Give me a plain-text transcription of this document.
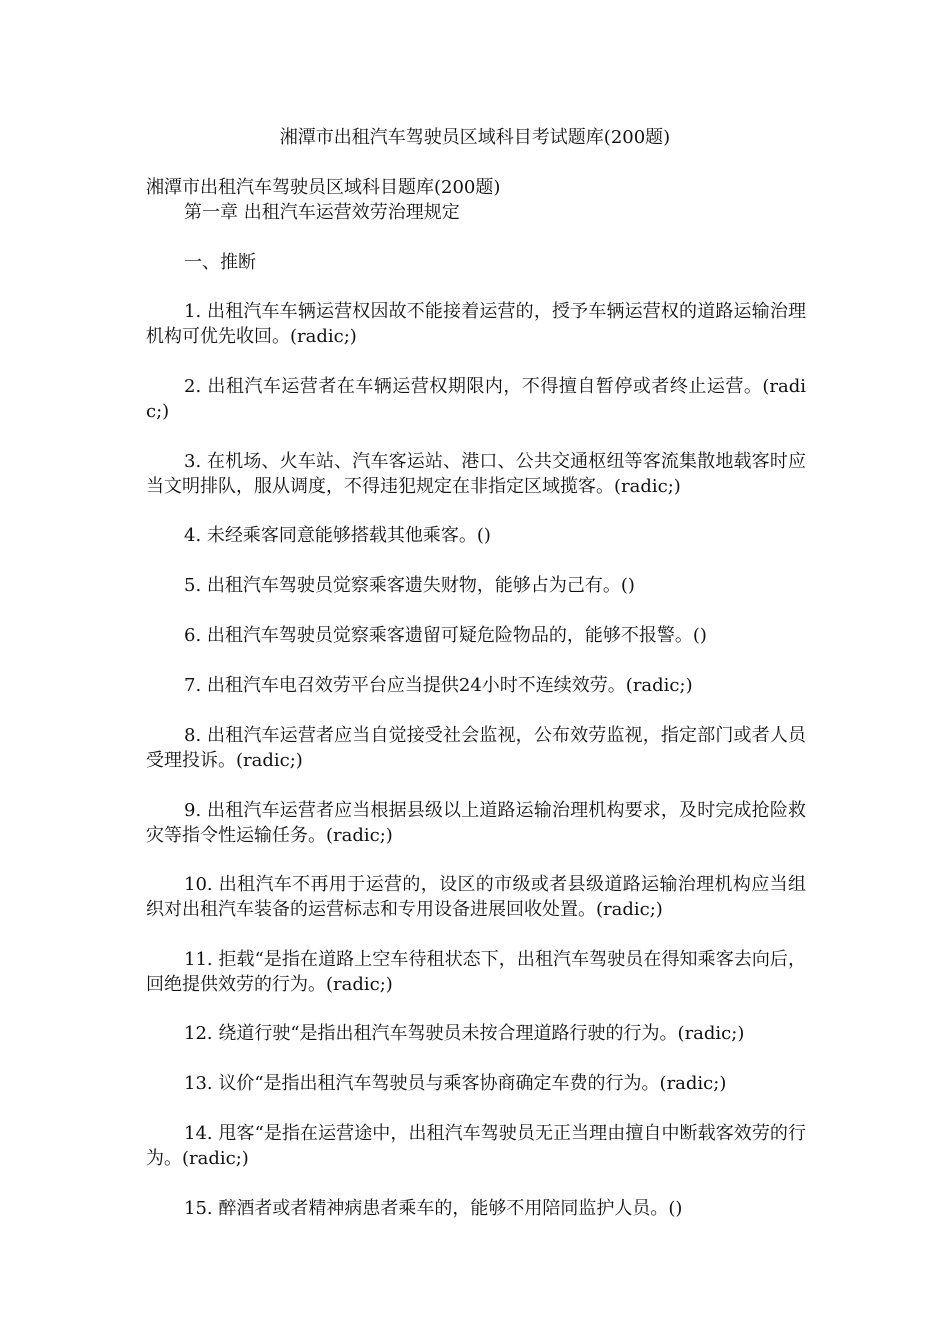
湘潭市出租汽车驾驶员区域科目考试题库(200题)
湘潭市出租汽车驾驶员区域科目题库(200题)
第一章 出租汽车运营效劳治理规定
一、推断

1. 出租汽车车辆运营权因故不能接着运营的，授予车辆运营权的道路运输治理机构可优先收回。(radic;)

2. 出租汽车运营者在车辆运营权期限内，不得擅自暂停或者终止运营。(radic;)

3. 在机场、火车站、汽车客运站、港口、公共交通枢纽等客流集散地载客时应当文明排队，服从调度，不得违犯规定在非指定区域揽客。(radic;)

4. 未经乘客同意能够搭载其他乘客。()

5. 出租汽车驾驶员觉察乘客遗失财物，能够占为己有。()

6. 出租汽车驾驶员觉察乘客遗留可疑危险物品的，能够不报警。()

7. 出租汽车电召效劳平台应当提供24小时不连续效劳。(radic;)

8. 出租汽车运营者应当自觉接受社会监视，公布效劳监视，指定部门或者人员受理投诉。(radic;)

9. 出租汽车运营者应当根据县级以上道路运输治理机构要求，及时完成抢险救灾等指令性运输任务。(radic;)

10. 出租汽车不再用于运营的，设区的市级或者县级道路运输治理机构应当组织对出租汽车装备的运营标志和专用设备进展回收处置。(radic;)

11. 拒载“是指在道路上空车待租状态下，出租汽车驾驶员在得知乘客去向后，回绝提供效劳的行为。(radic;)

12. 绕道行驶“是指出租汽车驾驶员未按合理道路行驶的行为。(radic;)

13. 议价“是指出租汽车驾驶员与乘客协商确定车费的行为。(radic;)

14. 甩客“是指在运营途中，出租汽车驾驶员无正当理由擅自中断载客效劳的行为。(radic;)

15. 醉酒者或者精神病患者乘车的，能够不用陪同监护人员。()
